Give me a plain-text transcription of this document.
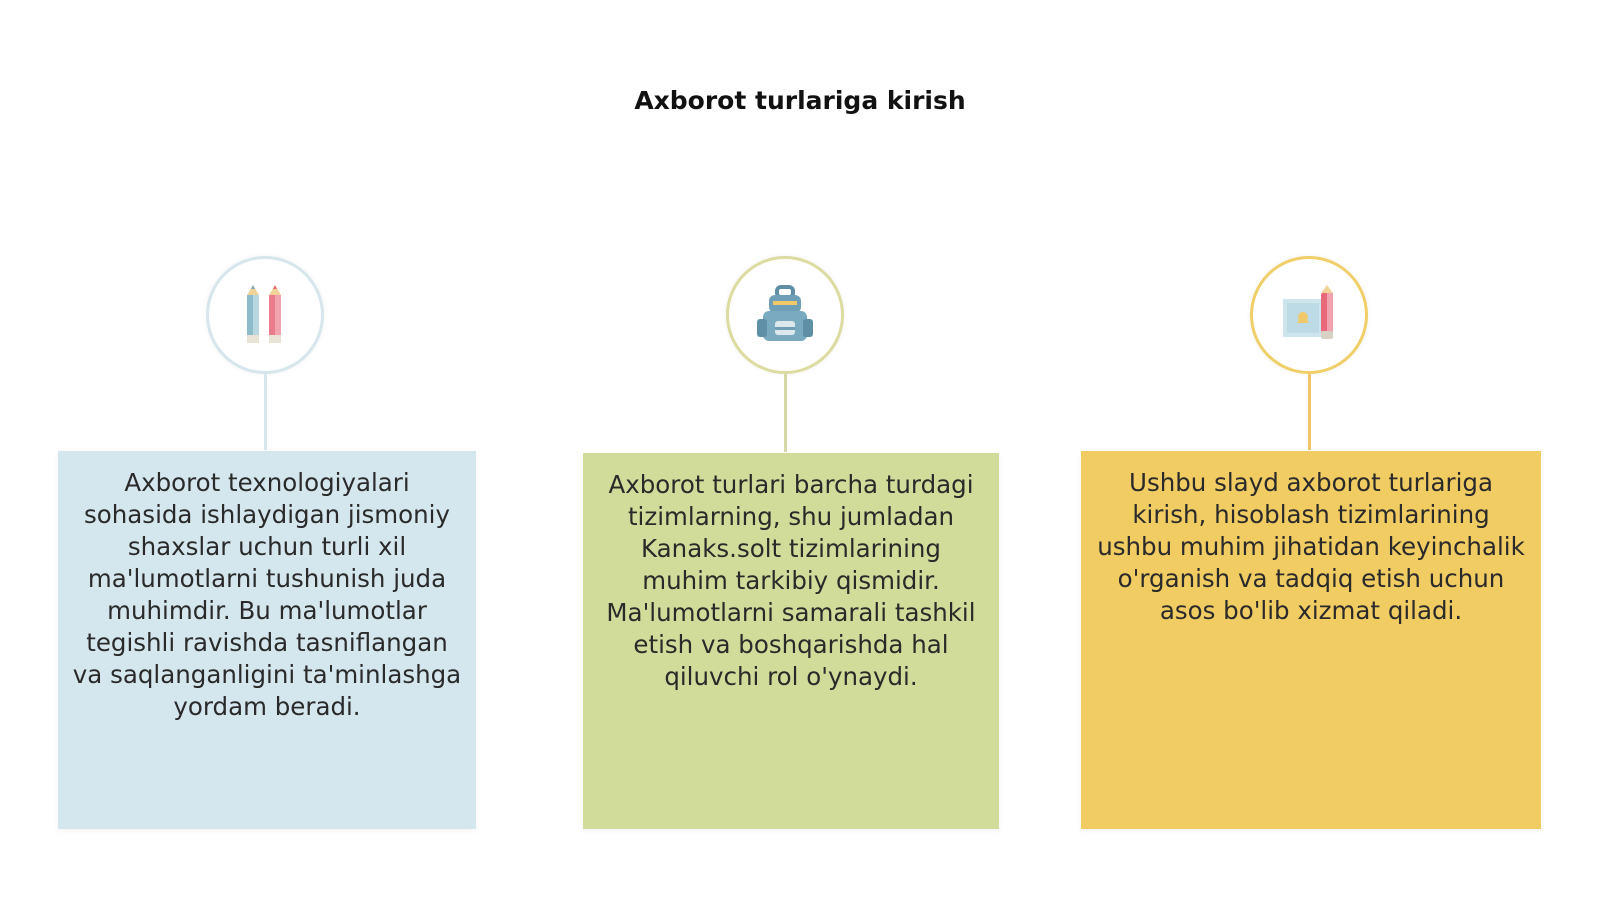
Axborot turlariga kirish

Axborot texnologiyalari sohasida ishlaydigan jismoniy shaxslar uchun turli xil ma'lumotlarni tushunish juda muhimdir. Bu ma'lumotlar tegishli ravishda tasniflangan va saqlanganligini ta'minlashga yordam beradi.

Axborot turlari barcha turdagi tizimlarning, shu jumladan Kanaks.solt tizimlarining muhim tarkibiy qismidir. Ma'lumotlarni samarali tashkil etish va boshqarishda hal qiluvchi rol o'ynaydi.

Ushbu slayd axborot turlariga kirish, hisoblash tizimlarining ushbu muhim jihatidan keyinchalik o'rganish va tadqiq etish uchun asos bo'lib xizmat qiladi.
